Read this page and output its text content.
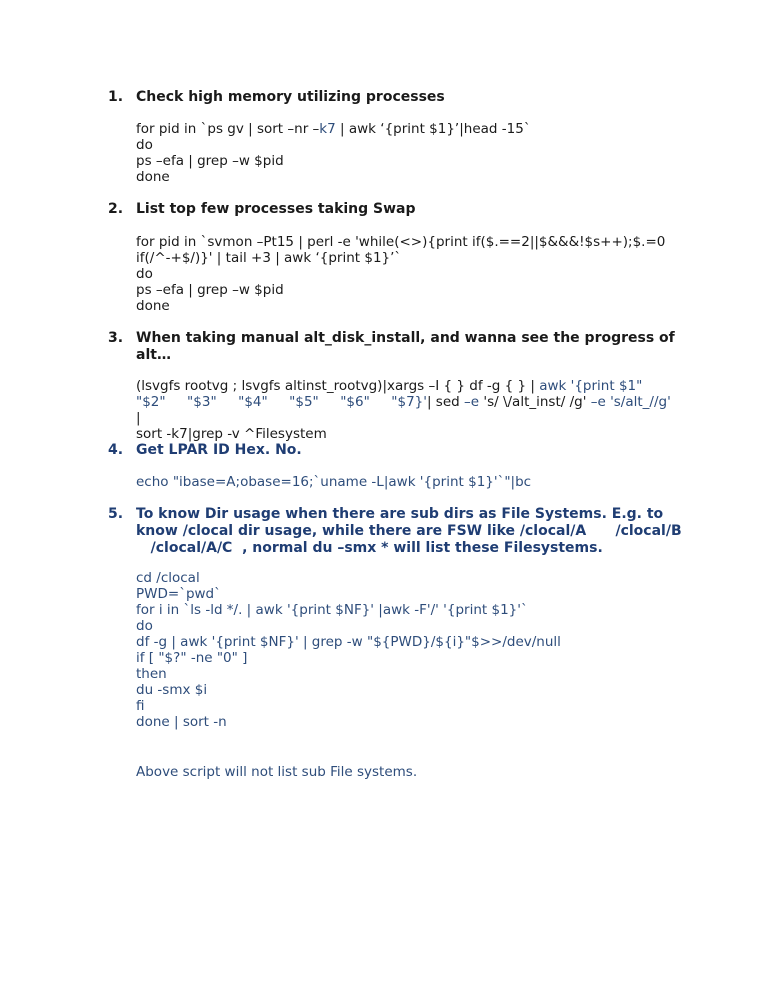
1. Check high memory utilizing processes
for pid in `ps gv | sort –nr –k7 | awk ‘{print $1}’|head -15`
do
ps –efa | grep –w $pid
done
2. List top few processes taking Swap
for pid in `svmon –Pt15 | perl -e 'while(<>){print if($.==2||$&&&!$s++);$.=0
if(/^-+$/)}' | tail +3 | awk ‘{print $1}’`
do
ps –efa | grep –w $pid
done
3. When taking manual alt_disk_install, and wanna see the progress of
alt…
(lsvgfs rootvg ; lsvgfs altinst_rootvg)|xargs –I { } df -g { } | awk '{print $1"
"$2"     "$3"     "$4"     "$5"     "$6"     "$7}'| sed –e 's/ \/alt_inst/ /g' –e 's/alt_//g' |
sort -k7|grep -v ^Filesystem
4. Get LPAR ID Hex. No.
echo "ibase=A;obase=16;`uname -L|awk '{print $1}'`"|bc
5. To know Dir usage when there are sub dirs as File Systems. E.g. to
know /clocal dir usage, while there are FSW like /clocal/A      /clocal/B
/clocal/A/C  , normal du –smx * will list these Filesystems.
cd /clocal
PWD=`pwd`
for i in `ls -ld */. | awk '{print $NF}' |awk -F'/' '{print $1}'`
do
df -g | awk '{print $NF}' | grep -w "${PWD}/${i}"$>>/dev/null
if [ "$?" -ne "0" ]
then
du -smx $i
fi
done | sort -n
Above script will not list sub File systems.
